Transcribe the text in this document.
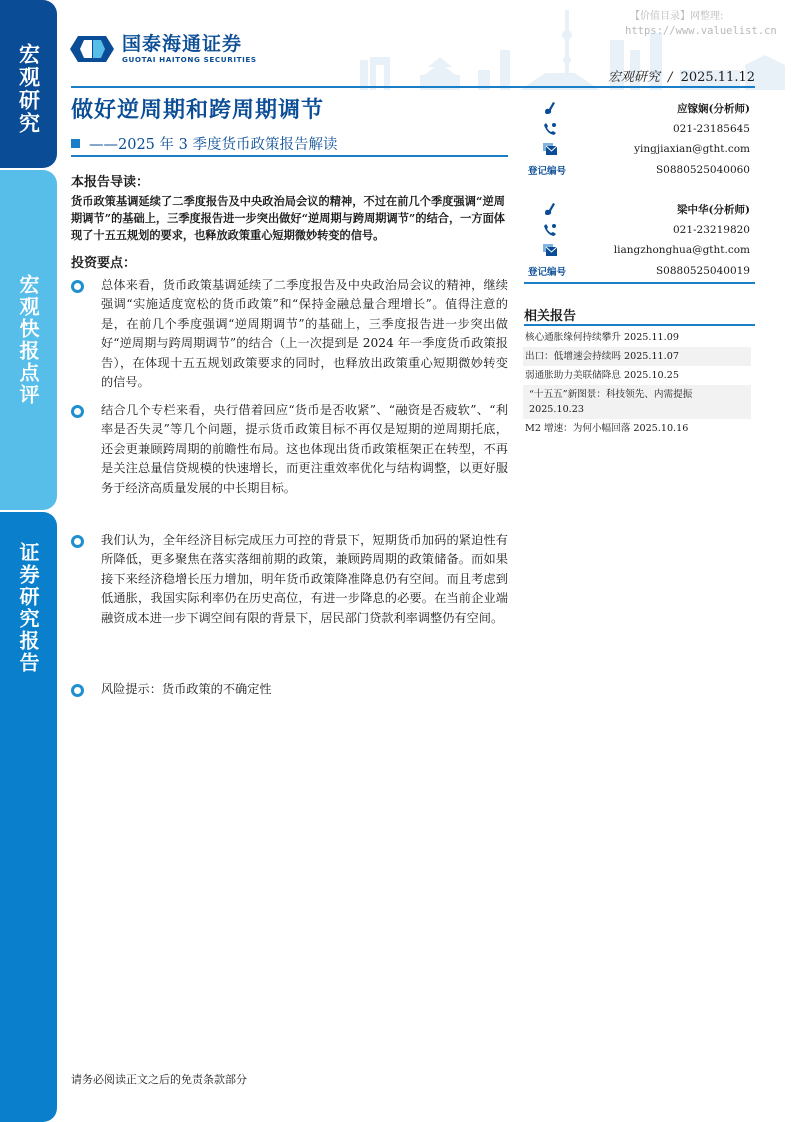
宏观研究
宏观快报点评
证券研究报告
【价值目录】网整理:
https://www.valuelist.cn
国泰海通证券
GUOTAI HAITONG SECURITIES
宏观研究 / 2025.11.12
做好逆周期和跨周期调节
——2025 年 3 季度货币政策报告解读
本报告导读：
货币政策基调延续了二季度报告及中央政治局会议的精神，不过在前几个季度强调“逆周期调节”的基础上，三季度报告进一步突出做好“逆周期与跨周期调节”的结合，一方面体现了十五五规划的要求，也释放政策重心短期微妙转变的信号。
投资要点：
总体来看，货币政策基调延续了二季度报告及中央政治局会议的精神，继续强调“实施适度宽松的货币政策”和“保持金融总量合理增长”。值得注意的是，在前几个季度强调“逆周期调节”的基础上，三季度报告进一步突出做好“逆周期与跨周期调节”的结合（上一次提到是 2024 年一季度货币政策报告），在体现十五五规划政策要求的同时，也释放出政策重心短期微妙转变的信号。
结合几个专栏来看，央行借着回应“货币是否收紧”、“融资是否疲软”、“利率是否失灵”等几个问题，提示货币政策目标不再仅是短期的逆周期托底，还会更兼顾跨周期的前瞻性布局。这也体现出货币政策框架正在转型，不再是关注总量信贷规模的快速增长，而更注重效率优化与结构调整，以更好服务于经济高质量发展的中长期目标。
我们认为，全年经济目标完成压力可控的背景下，短期货币加码的紧迫性有所降低，更多聚焦在落实落细前期的政策，兼顾跨周期的政策储备。而如果接下来经济稳增长压力增加，明年货币政策降准降息仍有空间。而且考虑到低通胀，我国实际利率仍在历史高位，有进一步降息的必要。在当前企业端融资成本进一步下调空间有限的背景下，居民部门贷款利率调整仍有空间。
风险提示：货币政策的不确定性
应镓娴(分析师)
021-23185645
yingjiaxian@gtht.com
登记编号	S0880525040060
梁中华(分析师)
021-23219820
liangzhonghua@gtht.com
登记编号	S0880525040019
相关报告
核心通胀缘何持续攀升 2025.11.09
出口：低增速会持续吗 2025.11.07
弱通胀助力美联储降息 2025.10.25
“十五五”新图景：科技领先、内需提振 2025.10.23
M2 增速：为何小幅回落 2025.10.16
请务必阅读正文之后的免责条款部分
